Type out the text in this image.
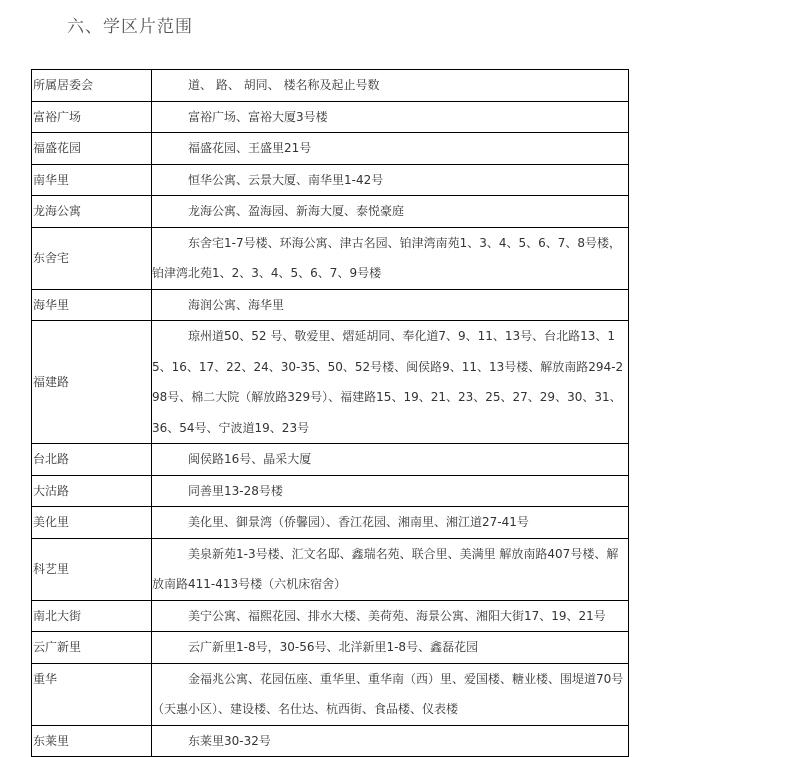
六、学区片范围
所属居委会	道、 路、 胡同、 楼名称及起止号数
富裕广场	富裕广场、富裕大厦3号楼
福盛花园	福盛花园、王盛里21号
南华里	恒华公寓、云景大厦、南华里1-42号
龙海公寓	龙海公寓、盈海园、新海大厦、泰悦豪庭
东舍宅	东舍宅1-7号楼、环海公寓、津古名园、铂津湾南苑1、3、4、5、6、7、8号楼，铂津湾北苑1、2、3、4、5、6、7、9号楼
海华里	海润公寓、海华里
福建路	琼州道50、52 号、敬爱里、熠延胡同、奉化道7、9、11、13号、台北路13、15、16、17、22、24、30-35、50、52号楼、闽侯路9、11、13号楼、解放南路294-298号、棉二大院（解放路329号）、福建路15、19、21、23、25、27、29、30、31、36、54号、宁波道19、23号
台北路	闽侯路16号、晶采大厦
大沽路	同善里13-28号楼
美化里	美化里、御景湾（侨馨园）、香江花园、湘南里、湘江道27-41号
科艺里	美泉新苑1-3号楼、汇文名邸、鑫瑞名苑、联合里、美满里 解放南路407号楼、解放南路411-413号楼（六机床宿舍）
南北大街	美宁公寓、福熙花园、排水大楼、美荷苑、海景公寓、湘阳大街17、19、21号
云广新里	云广新里1-8号，30-56号、北洋新里1-8号、鑫磊花园
重华	金福兆公寓、花园伍座、重华里、重华南（西）里、爱国楼、糖业楼、围堤道70号（天惠小区）、建设楼、名仕达、杭西街、食品楼、仪表楼
东莱里	东莱里30-32号
